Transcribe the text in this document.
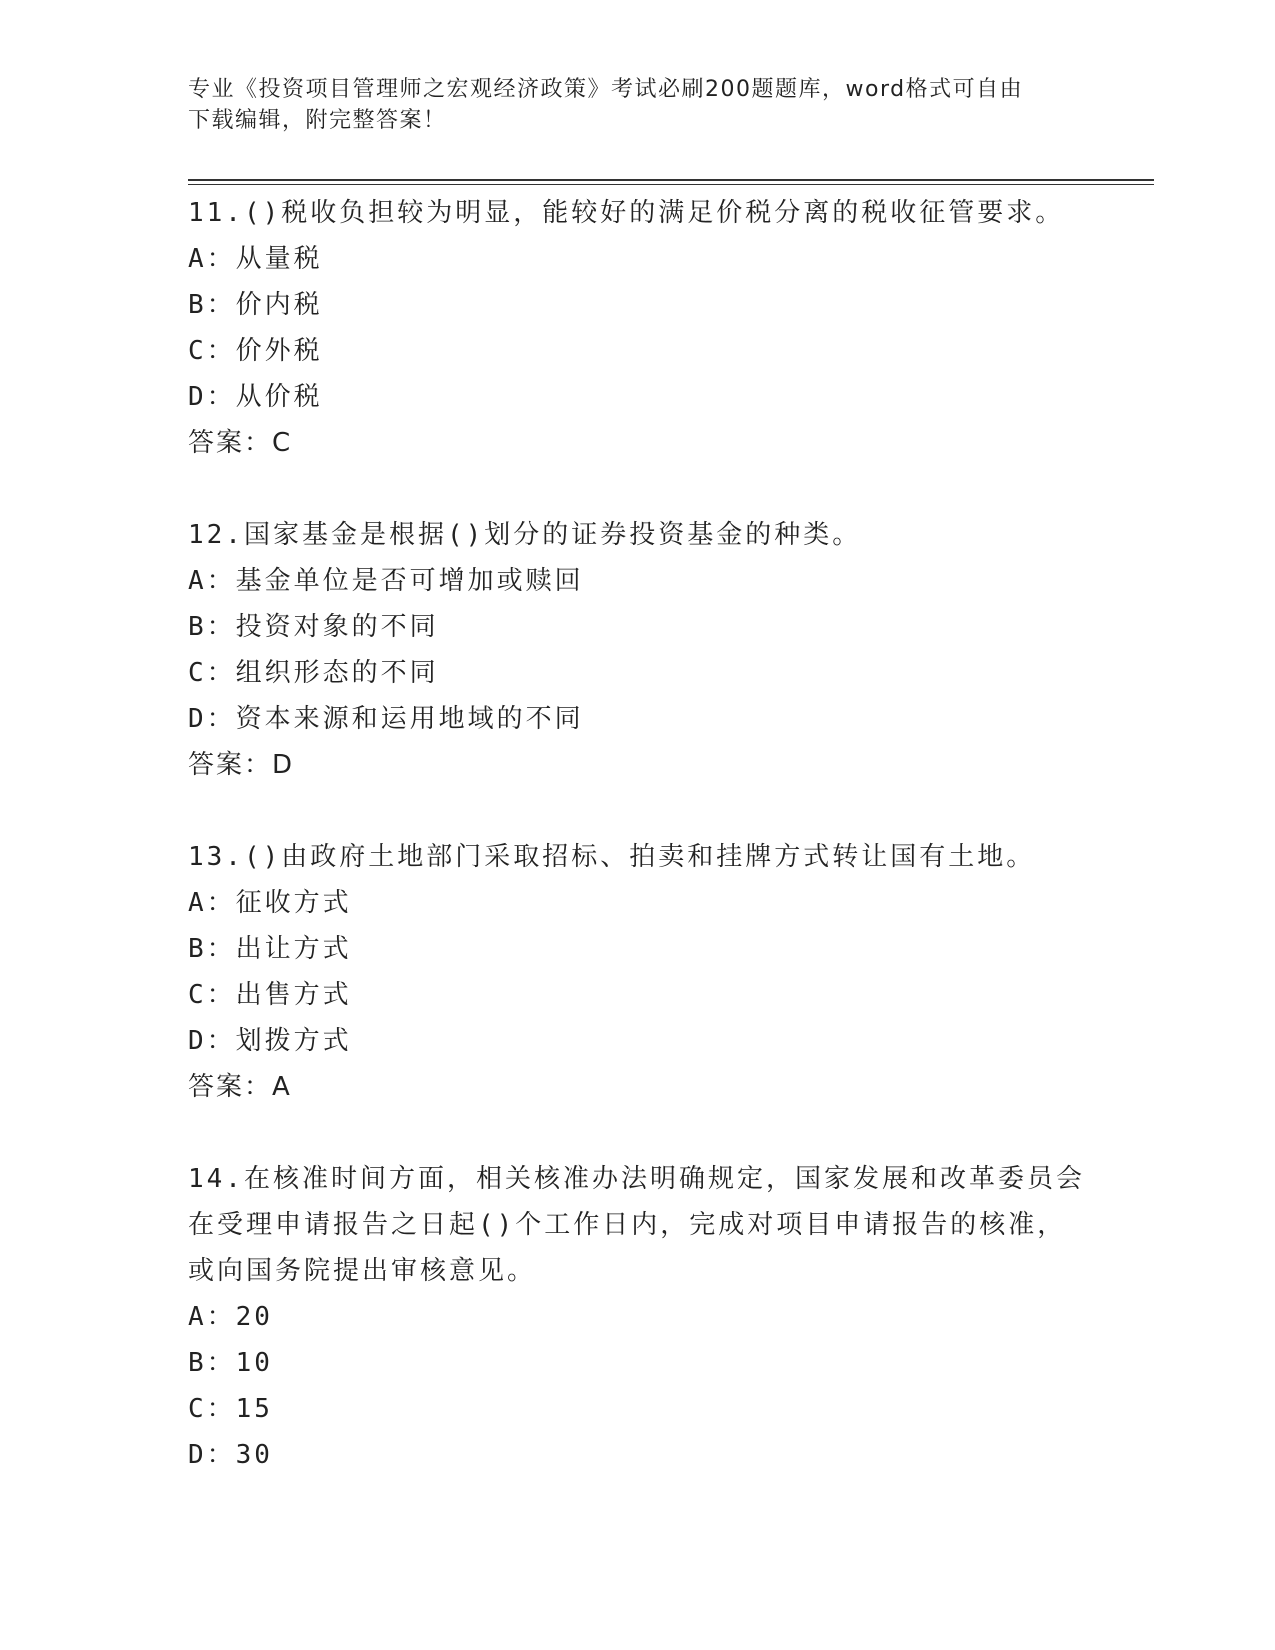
专业《投资项目管理师之宏观经济政策》考试必刷200题题库，word格式可自由
下载编辑，附完整答案！
11.()税收负担较为明显，能较好的满足价税分离的税收征管要求。
A：从量税
B：价内税
C：价外税
D：从价税
答案：C
12.国家基金是根据()划分的证券投资基金的种类。
A：基金单位是否可增加或赎回
B：投资对象的不同
C：组织形态的不同
D：资本来源和运用地域的不同
答案：D
13.()由政府土地部门采取招标、拍卖和挂牌方式转让国有土地。
A：征收方式
B：出让方式
C：出售方式
D：划拨方式
答案：A
14.在核准时间方面，相关核准办法明确规定，国家发展和改革委员会
在受理申请报告之日起()个工作日内，完成对项目申请报告的核准，
或向国务院提出审核意见。
A：20
B：10
C：15
D：30
